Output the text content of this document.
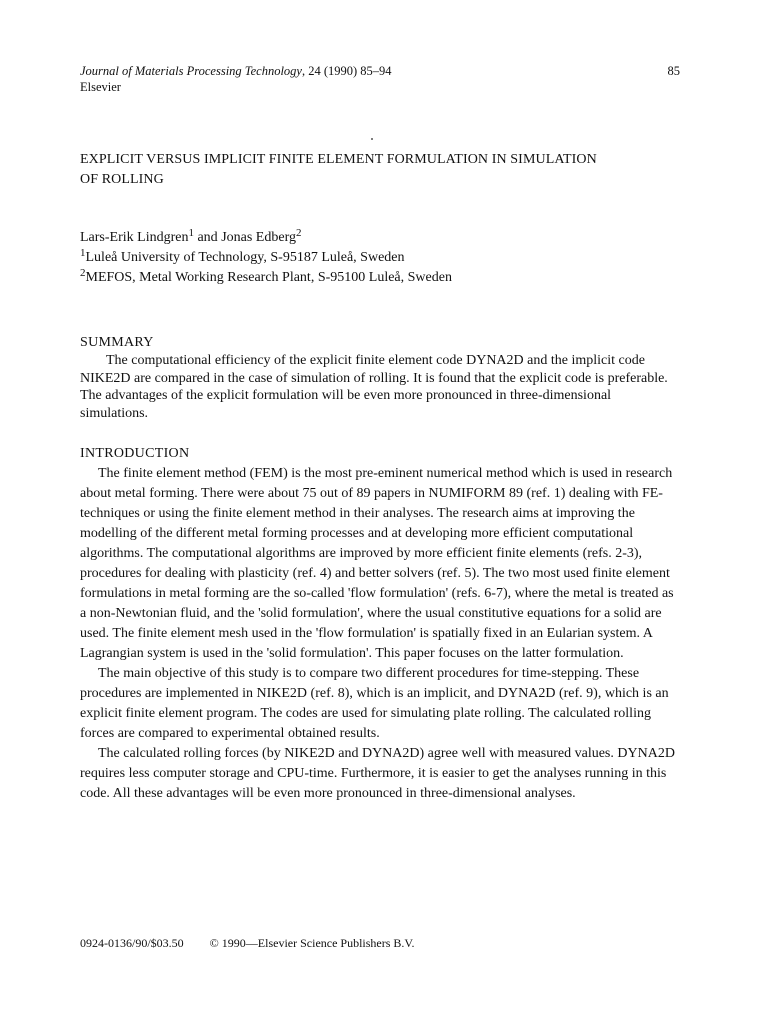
Journal of Materials Processing Technology, 24 (1990) 85–94
Elsevier
85
EXPLICIT VERSUS IMPLICIT FINITE ELEMENT FORMULATION IN SIMULATION
OF ROLLING
Lars-Erik Lindgren$^1$ and Jonas Edberg$^2$
$^1$Luleå University of Technology, S-95187 Luleå, Sweden
$^2$MEFOS, Metal Working Research Plant, S-95100 Luleå, Sweden
SUMMARY

The computational efficiency of the explicit finite element code DYNA2D and the implicit code NIKE2D are compared in the case of simulation of rolling. It is found that the explicit code is preferable. The advantages of the explicit formulation will be even more pronounced in three-dimensional simulations.

INTRODUCTION

The finite element method (FEM) is the most pre-eminent numerical method which is used in research about metal forming. There were about 75 out of 89 papers in NUMIFORM 89 (ref. 1) dealing with FE-techniques or using the finite element method in their analyses. The research aims at improving the modelling of the different metal forming processes and at developing more efficient computational algorithms. The computational algorithms are improved by more efficient finite elements (refs. 2-3), procedures for dealing with plasticity (ref. 4) and better solvers (ref. 5). The two most used finite element formulations in metal forming are the so-called 'flow formulation' (refs. 6-7), where the metal is treated as a non-Newtonian fluid, and the 'solid formulation', where the usual constitutive equations for a solid are used. The finite element mesh used in the 'flow formulation' is spatially fixed in an Eularian system. A Lagrangian system is used in the 'solid formulation'. This paper focuses on the latter formulation.

The main objective of this study is to compare two different procedures for time-stepping. These procedures are implemented in NIKE2D (ref. 8), which is an implicit, and DYNA2D (ref. 9), which is an explicit finite element program. The codes are used for simulating plate rolling. The calculated rolling forces are compared to experimental obtained results.

The calculated rolling forces (by NIKE2D and DYNA2D) agree well with measured values. DYNA2D requires less computer storage and CPU-time. Furthermore, it is easier to get the analyses running in this code. All these advantages will be even more pronounced in three-dimensional analyses.

0924-0136/90/$03.50 © 1990—Elsevier Science Publishers B.V.
